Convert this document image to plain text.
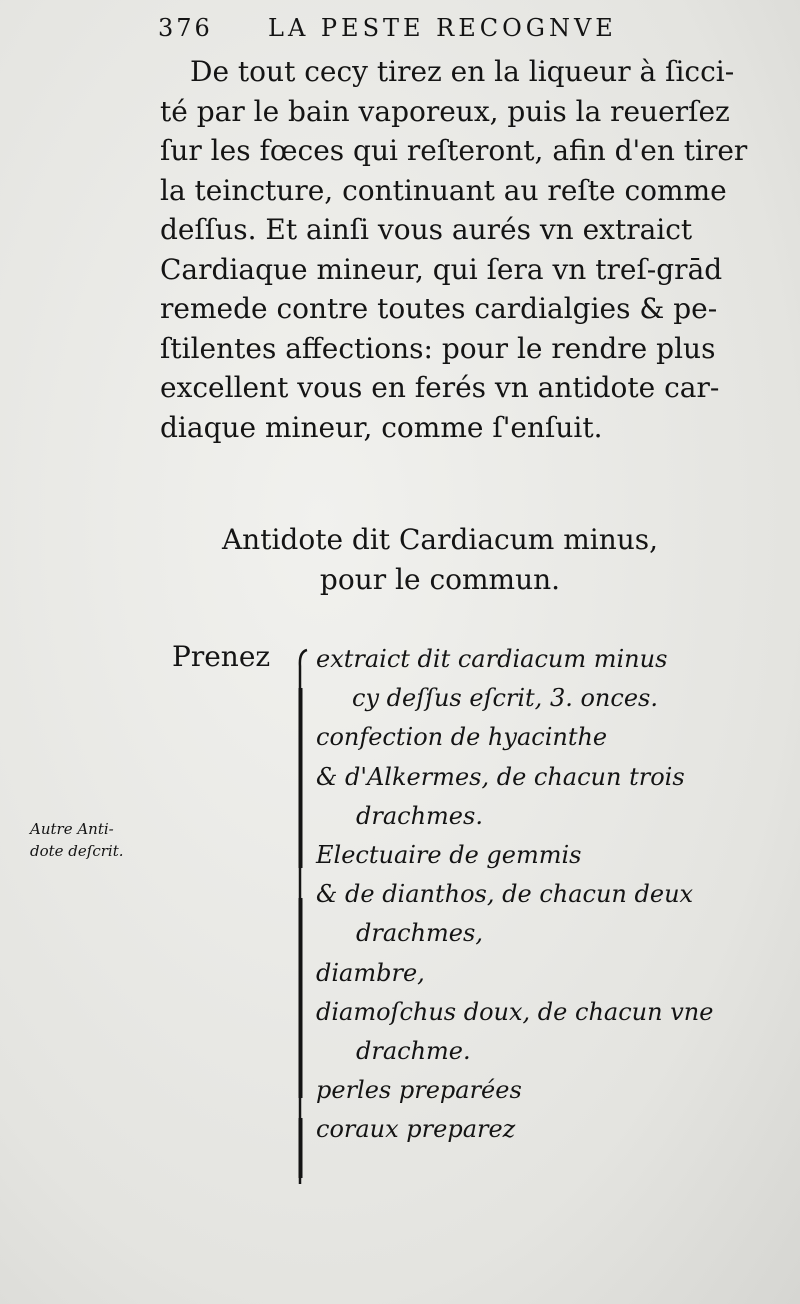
376 LA PESTE RECOGNVE
De tout cecy tirez en la liqueur à ſicci-
té par le bain vaporeux, puis la reuerſez
ſur les fœces qui reſteront, afin d'en tirer
la teincture, continuant au reſte comme
deſſus. Et ainſi vous aurés vn extraict
Cardiaque mineur, qui ſera vn treſ-grād
remede contre toutes cardialgies & pe-
ſtilentes affections: pour le rendre plus
excellent vous en ferés vn antidote car-
diaque mineur, comme ſ'enſuit.
Antidote dit Cardiacum minus,
pour le commun.
Prenez extraict dit cardiacum minus
cy deſſus eſcrit, 3. onces.
confection de hyacinthe
& d'Alkermes, de chacun trois
drachmes.
Electuaire de gemmis
& de dianthos, de chacun deux
drachmes,
diambre,
diamoſchus doux, de chacun vne
drachme.
perles preparées
coraux preparez
Autre Anti-
dote deſcrit.
